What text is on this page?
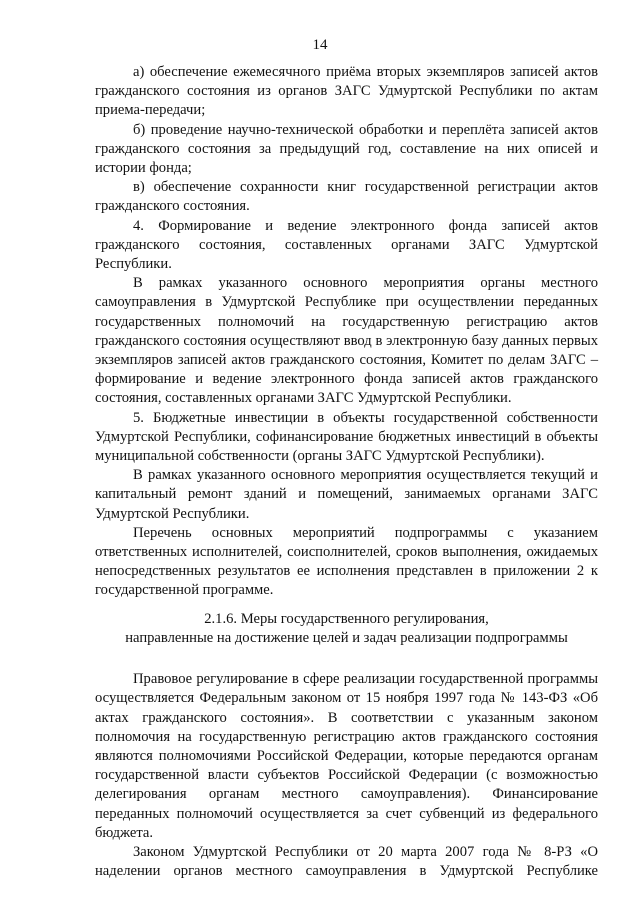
14

а) обеспечение ежемесячного приёма вторых экземпляров записей актов гражданского состояния из органов ЗАГС Удмуртской Республики по актам приема-передачи;

б) проведение научно-технической обработки и переплёта записей актов гражданского состояния за предыдущий год, составление на них описей и истории фонда;

в) обеспечение сохранности книг государственной регистрации актов гражданского состояния.

4. Формирование и ведение электронного фонда записей актов гражданского состояния, составленных органами ЗАГС Удмуртской Республики.

В рамках указанного основного мероприятия органы местного самоуправления в Удмуртской Республике при осуществлении переданных государственных полномочий на государственную регистрацию актов гражданского состояния осуществляют ввод в электронную базу данных первых экземпляров записей актов гражданского состояния, Комитет по делам ЗАГС – формирование и ведение электронного фонда записей актов гражданского состояния, составленных органами ЗАГС Удмуртской Республики.

5. Бюджетные инвестиции в объекты государственной собственности Удмуртской Республики, софинансирование бюджетных инвестиций в объекты муниципальной собственности (органы ЗАГС Удмуртской Республики).

В рамках указанного основного мероприятия осуществляется текущий и капитальный ремонт зданий и помещений, занимаемых органами ЗАГС Удмуртской Республики.

Перечень основных мероприятий подпрограммы с указанием ответственных исполнителей, соисполнителей, сроков выполнения, ожидаемых непосредственных результатов ее исполнения представлен в приложении 2 к государственной программе.

2.1.6. Меры государственного регулирования,

направленные на достижение целей и задач реализации подпрограммы

Правовое регулирование в сфере реализации государственной программы осуществляется Федеральным законом от 15 ноября 1997 года № 143-ФЗ «Об актах гражданского состояния». В соответствии с указанным законом полномочия на государственную регистрацию актов гражданского состояния являются полномочиями Российской Федерации, которые передаются органам государственной власти субъектов Российской Федерации (с возможностью делегирования органам местного самоуправления). Финансирование переданных полномочий осуществляется за счет субвенций из федерального бюджета.

Законом Удмуртской Республики от 20 марта 2007 года № 8-РЗ «О наделении органов местного самоуправления в Удмуртской Республике
